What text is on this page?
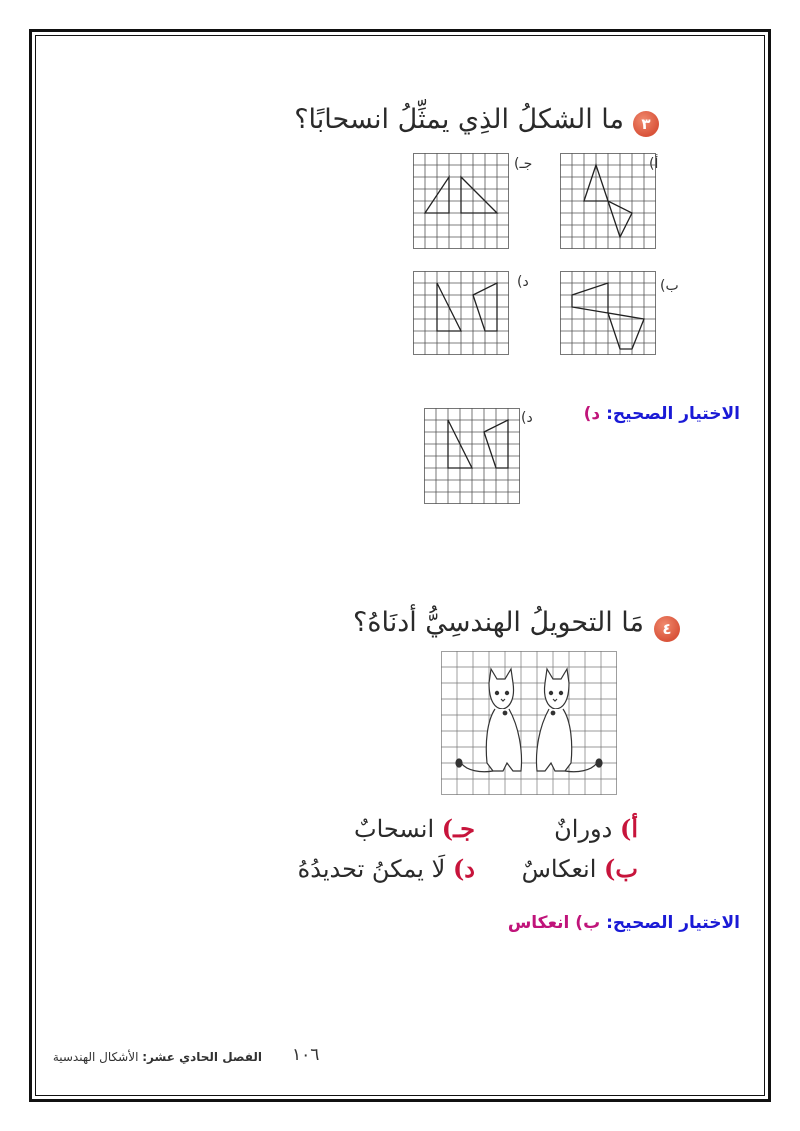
٣
ما الشكلُ الذِي يمثِّلُ انسحابًا؟
جـ)	أ)
د)	ب)
الاختيار الصحيح: د)
د)
٤
مَا التحويلُ الهندسِيُّ أدنَاهُ؟
أ) دورانٌ
جـ) انسحابٌ
ب) انعكاسٌ
د) لَا يمكنُ تحديدُهُ
الاختيار الصحيح: ب) انعكاس
١٠٦
الفصل الحادي عشر: الأشكال الهندسية
